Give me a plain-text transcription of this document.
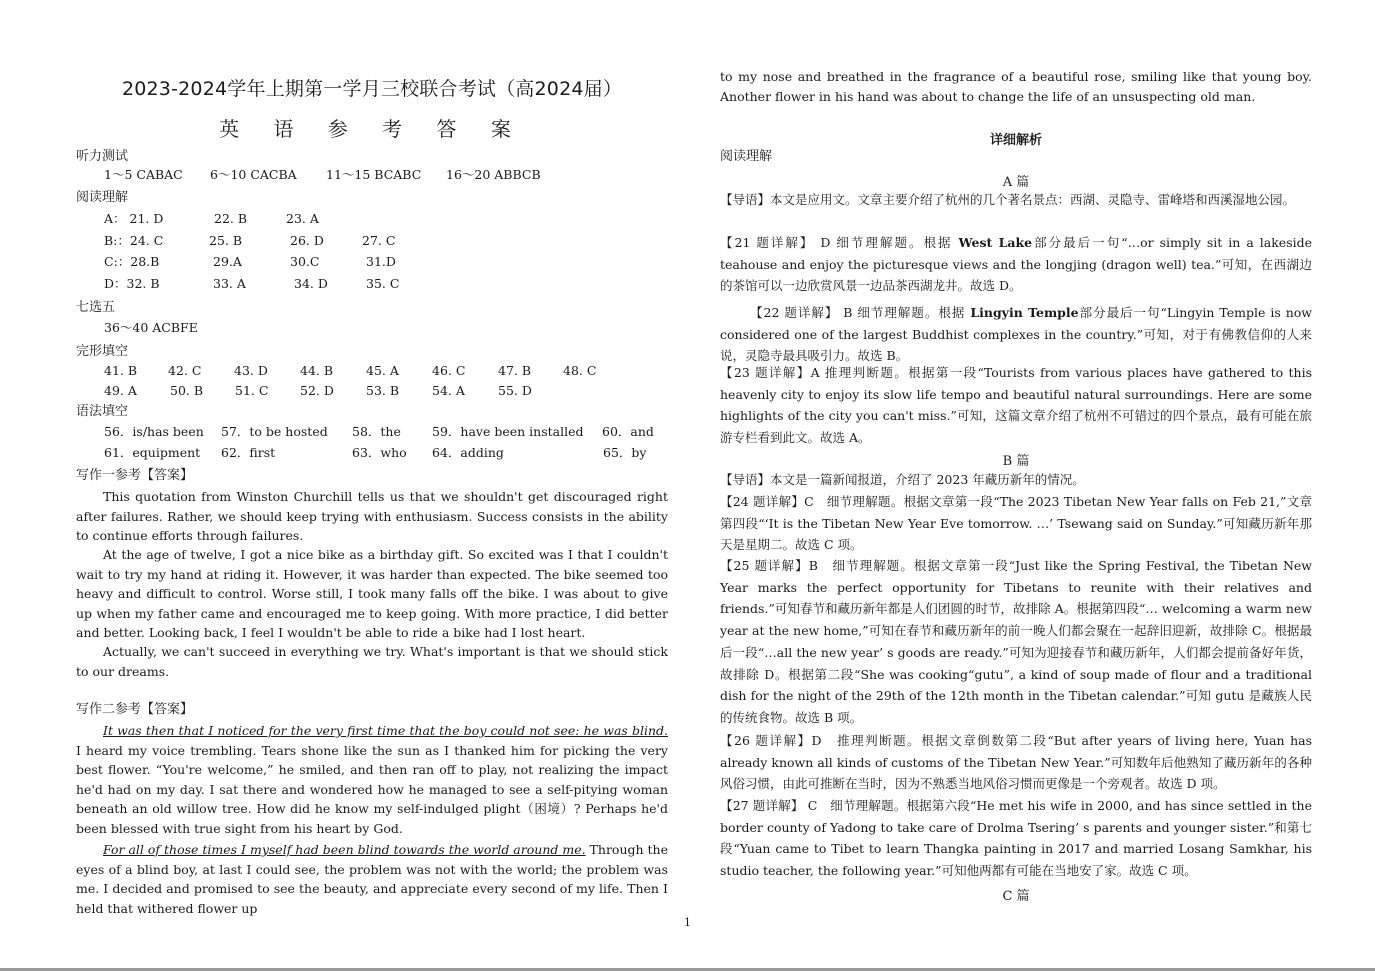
2023-2024学年上期第一学月三校联合考试（高2024届）
英 语 参 考 答 案
听力测试
1～5 CABAC 6～10 CACBA 11～15 BCABC 16～20 ABBCB
阅读理解
A： 21. D	22. B	23. A
B:：24. C	25. B	26. D	27. C
C:：28.B	29.A	30.C	31.D
D：32. B	33. A	34. D	35. C
七选五
36～40 ACBFE
完形填空
41. B 42. C	43. D	44. B	45. A	46. C	47. B	48. C
49. A	50. B	51. C	52. D	53. B	54. A	55. D
语法填空
56．is/has been 57．to be hosted 58．the 59．have been installed 60．and
61．equipment 62．first	63．who 64．adding	65．by
写作一参考【答案】
This quotation from Winston Churchill tells us that we shouldn't get discouraged right after failures. Rather, we should keep trying with enthusiasm. Success consists in the ability to continue efforts through failures.
At the age of twelve, I got a nice bike as a birthday gift. So excited was I that I couldn't wait to try my hand at riding it. However, it was harder than expected. The bike seemed too heavy and difficult to control. Worse still, I took many falls off the bike. I was about to give up when my father came and encouraged me to keep going. With more practice, I did better and better. Looking back, I feel I wouldn't be able to ride a bike had I lost heart.
Actually, we can't succeed in everything we try. What's important is that we should stick to our dreams.
写作二参考【答案】
It was then that I noticed for the very first time that the boy could not see: he was blind. I heard my voice trembling. Tears shone like the sun as I thanked him for picking the very best flower. “You're welcome,” he smiled, and then ran off to play, not realizing the impact he'd had on my day. I sat there and wondered how he managed to see a self-pitying woman beneath an old willow tree. How did he know my self-indulged plight（困境）? Perhaps he'd been blessed with true sight from his heart by God.
For all of those times I myself had been blind towards the world around me. Through the eyes of a blind boy, at last I could see, the problem was not with the world; the problem was me. I decided and promised to see the beauty, and appreciate every second of my life. Then I held that withered flower up
to my nose and breathed in the fragrance of a beautiful rose, smiling like that young boy. Another flower in his hand was about to change the life of an unsuspecting old man.
详细解析
阅读理解
A 篇
【导语】本文是应用文。文章主要介绍了杭州的几个著名景点：西湖、灵隐寺、雷峰塔和西溪湿地公园。
【21 题详解】 D 细节理解题。根据 West Lake部分最后一句“…or simply sit in a lakeside teahouse and enjoy the picturesque views and the longjing (dragon well) tea.”可知，在西湖边的茶馆可以一边欣赏风景一边品茶西湖龙井。故选 D。
【22 题详解】 B 细节理解题。根据 Lingyin Temple部分最后一句“Lingyin Temple is now considered one of the largest Buddhist complexes in the country.”可知，对于有佛教信仰的人来说，灵隐寺最具吸引力。故选 B。
【23 题详解】A 推理判断题。根据第一段“Tourists from various places have gathered to this heavenly city to enjoy its slow life tempo and beautiful natural surroundings. Here are some highlights of the city you can't miss.”可知，这篇文章介绍了杭州不可错过的四个景点，最有可能在旅游专栏看到此文。故选 A。
B 篇
【导语】本文是一篇新闻报道，介绍了 2023 年藏历新年的情况。
【24 题详解】C　细节理解题。根据文章第一段“The 2023 Tibetan New Year falls on Feb 21,”文章第四段“‘It is the Tibetan New Year Eve tomorrow. …’ Tsewang said on Sunday.”可知藏历新年那天是星期二。故选 C 项。
【25 题详解】B　细节理解题。根据文章第一段“Just like the Spring Festival, the Tibetan New Year marks the perfect opportunity for Tibetans to reunite with their relatives and friends.”可知春节和藏历新年都是人们团圆的时节，故排除 A。根据第四段“… welcoming a warm new year at the new home,”可知在春节和藏历新年的前一晚人们都会聚在一起辞旧迎新，故排除 C。根据最后一段“…all the new year’ s goods are ready.”可知为迎接春节和藏历新年，人们都会提前备好年货，故排除 D。根据第二段“She was cooking“gutu”, a kind of soup made of flour and a traditional dish for the night of the 29th of the 12th month in the Tibetan calendar.”可知 gutu 是藏族人民的传统食物。故选 B 项。
【26 题详解】D　推理判断题。根据文章倒数第二段“But after years of living here, Yuan has already known all kinds of customs of the Tibetan New Year.”可知数年后他熟知了藏历新年的各种风俗习惯，由此可推断在当时，因为不熟悉当地风俗习惯而更像是一个旁观者。故选 D 项。
【27 题详解】 C　细节理解题。根据第六段“He met his wife in 2000, and has since settled in the border county of Yadong to take care of Drolma Tsering’ s parents and younger sister.”和第七段“Yuan came to Tibet to learn Thangka painting in 2017 and married Losang Samkhar, his studio teacher, the following year.”可知他两都有可能在当地安了家。故选 C 项。
C 篇
1
